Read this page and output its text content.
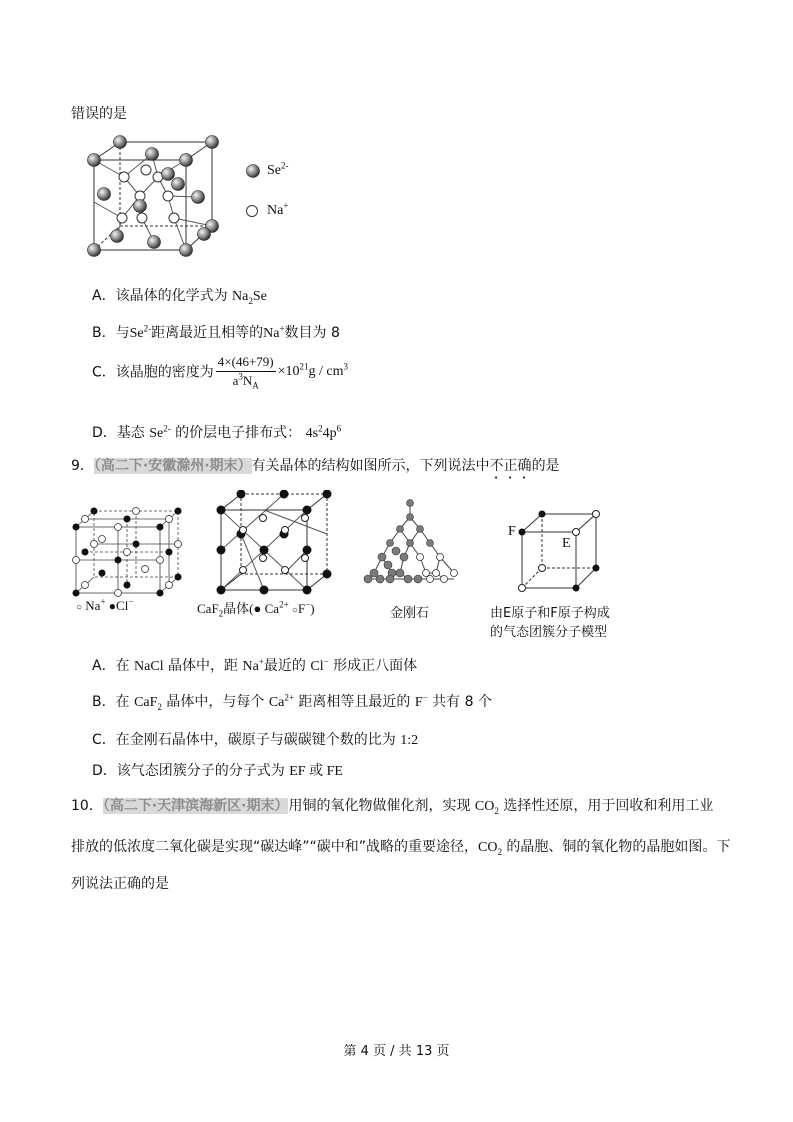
错误的是
$Se^{2-}$
Na+
A．该晶体的化学式为 $Na_2Se$
B．与$Se^{2-}$距离最近且相等的Na+数目为 8
C．该晶胞的密度为 $\frac{4\times(46+79)}{a^3N_A} \times 10^{21}g / cm^3$
D．基态 $Se^{2-}$ 的价层电子排布式： $4s^24p^6$
9．（高二下·安徽滁州·期末）有关晶体的结构如图所示，下列说法中不正确的是
○ Na+ ●Cl−	CaF$_2$晶体(● $Ca^{2+}$ ○F−)	金刚石
F
E
由E原子和F原子构成
的气态团簇分子模型
A．在 NaCl 晶体中，距 Na+最近的 Cl− 形成正八面体
B．在 CaF$_2$ 晶体中，与每个 $Ca^{2+}$ 距离相等且最近的 F− 共有 8 个
C．在金刚石晶体中，碳原子与碳碳键个数的比为 1:2
D．该气态团簇分子的分子式为 EF 或 FE
10．（高二下·天津滨海新区·期末）用铜的氧化物做催化剂，实现 $CO_2$ 选择性还原，用于回收和利用工业
排放的低浓度二氧化碳是实现“碳达峰”“碳中和”战略的重要途径，$CO_2$ 的晶胞、铜的氧化物的晶胞如图。下
列说法正确的是
第 4 页 / 共 13 页
